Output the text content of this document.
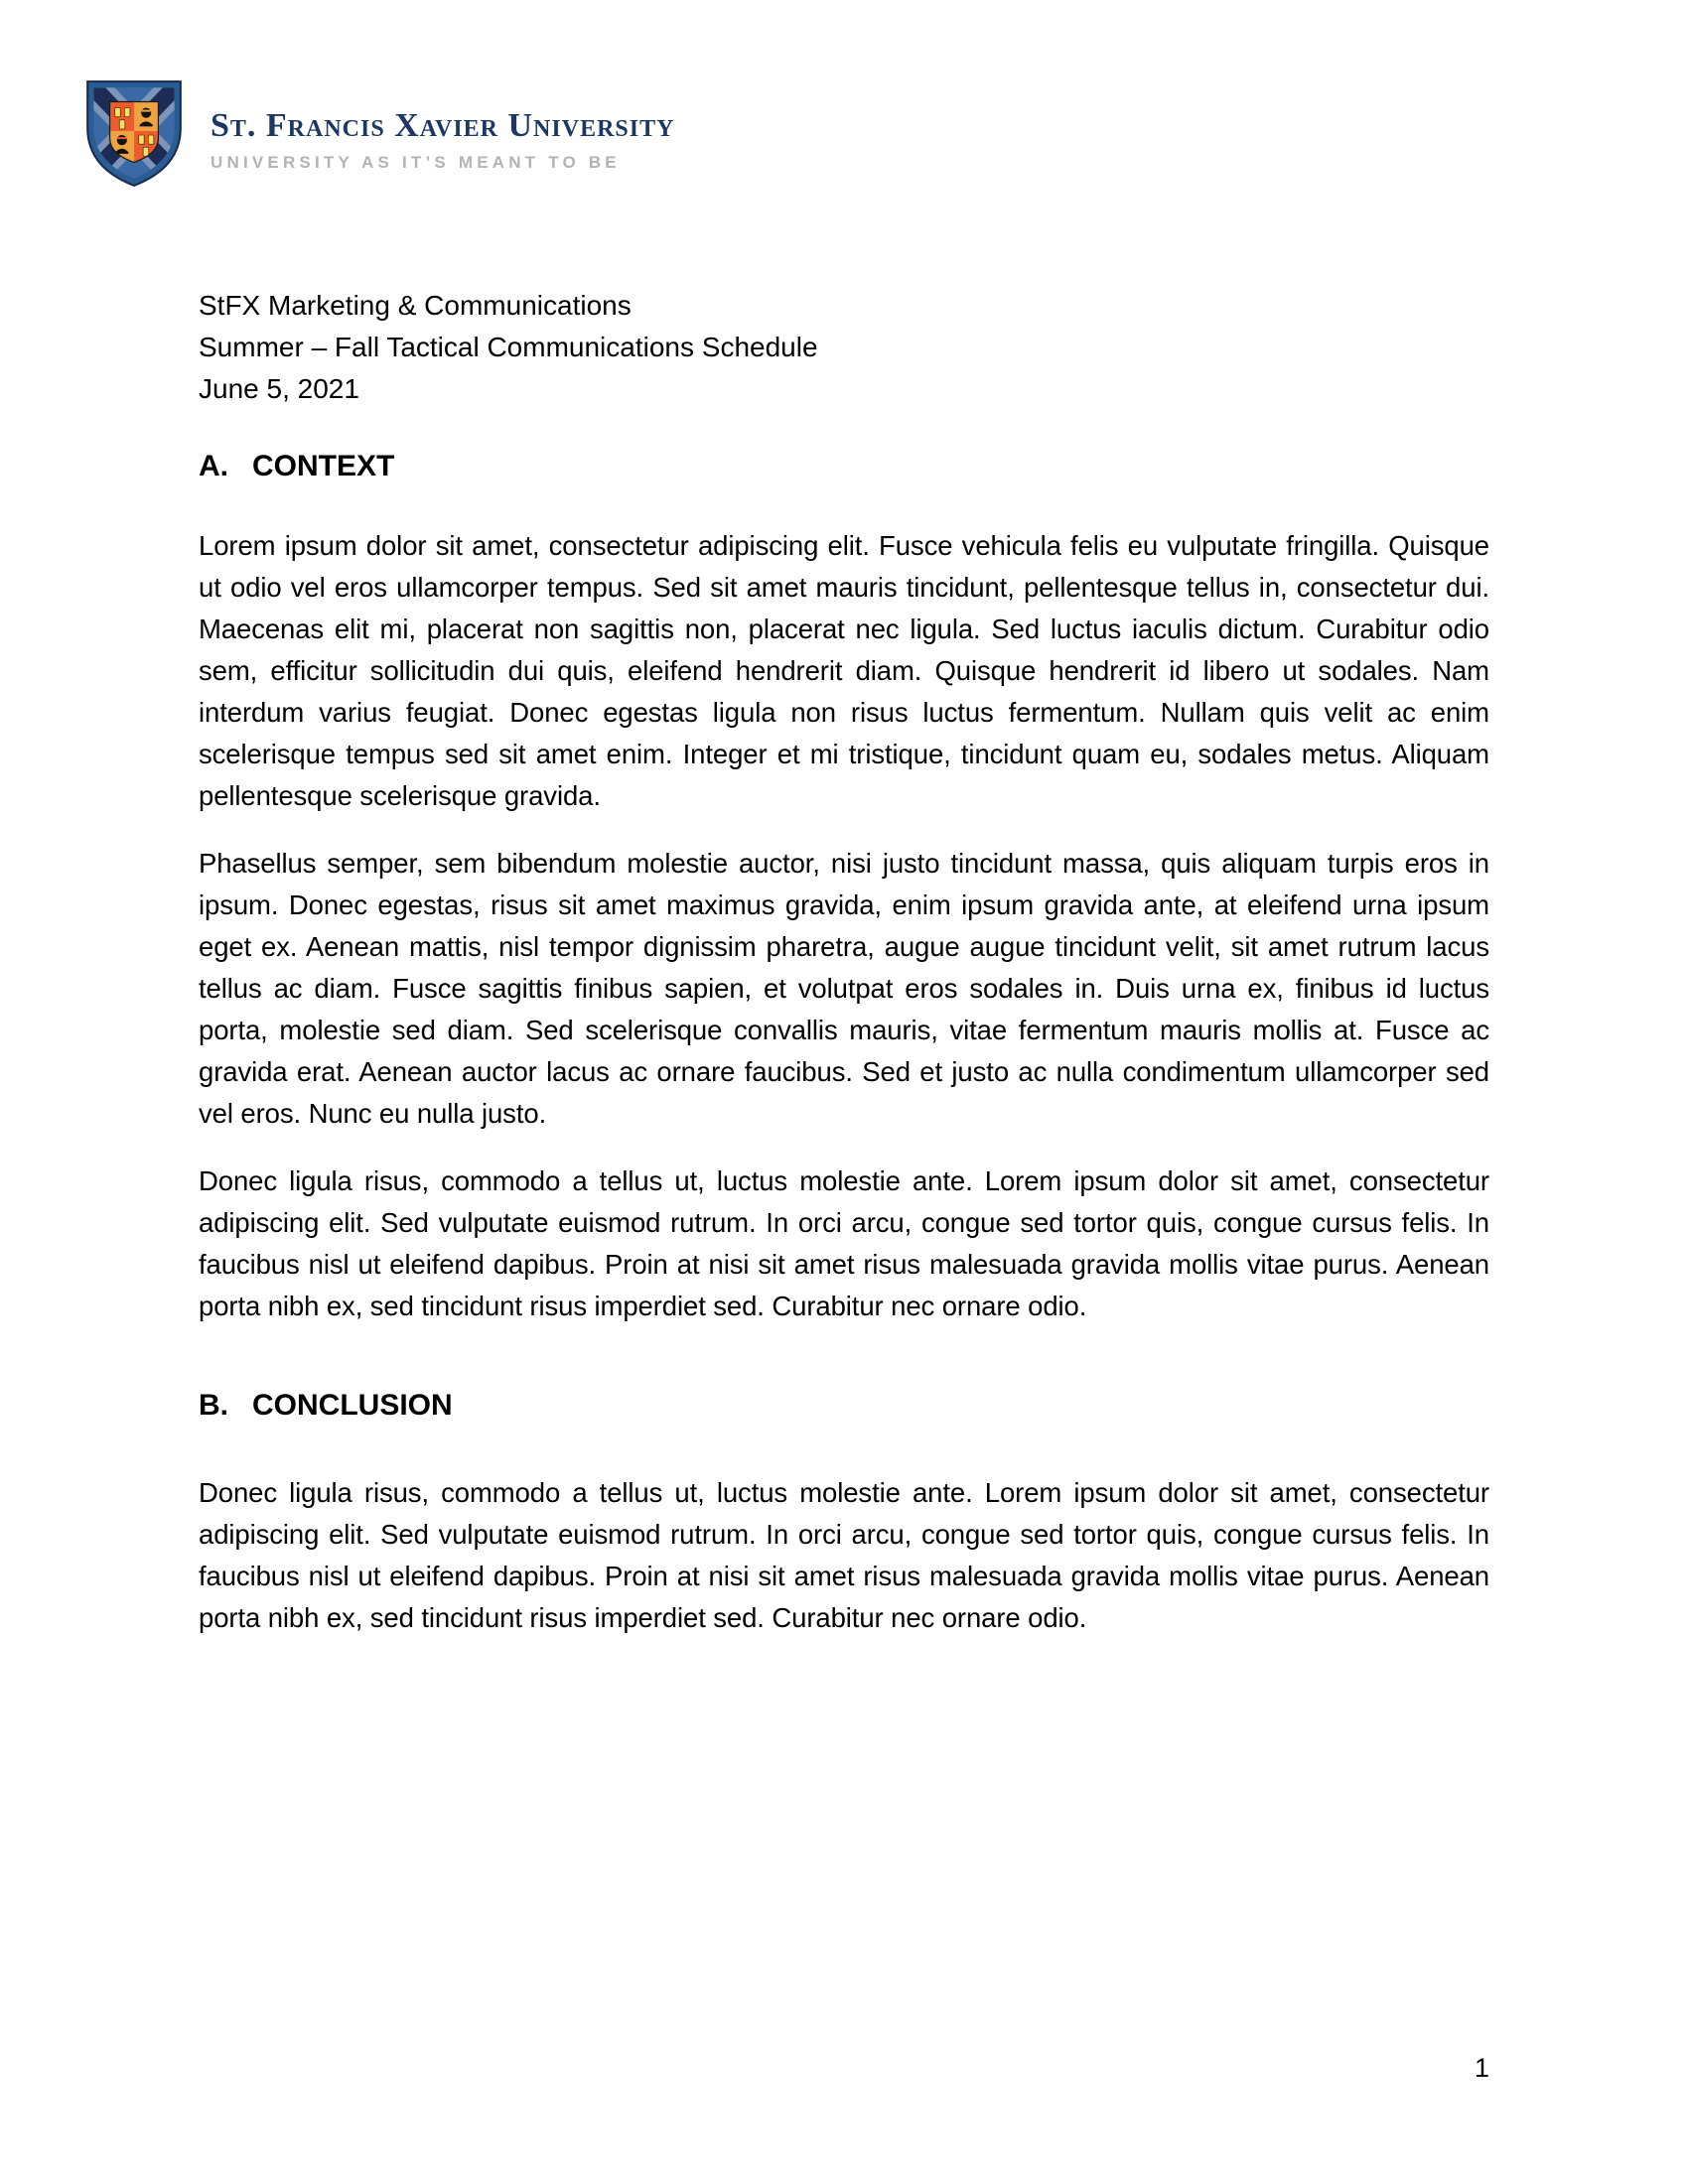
St. Francis Xavier University
UNIVERSITY AS IT’S MEANT TO BE
StFX Marketing & Communications
Summer – Fall Tactical Communications Schedule
June 5, 2021
A. CONTEXT

Lorem ipsum dolor sit amet, consectetur adipiscing elit. Fusce vehicula felis eu vulputate fringilla. Quisque ut odio vel eros ullamcorper tempus. Sed sit amet mauris tincidunt, pellentesque tellus in, consectetur dui. Maecenas elit mi, placerat non sagittis non, placerat nec ligula. Sed luctus iaculis dictum. Curabitur odio sem, efficitur sollicitudin dui quis, eleifend hendrerit diam. Quisque hendrerit id libero ut sodales. Nam interdum varius feugiat. Donec egestas ligula non risus luctus fermentum. Nullam quis velit ac enim scelerisque tempus sed sit amet enim. Integer et mi tristique, tincidunt quam eu, sodales metus. Aliquam pellentesque scelerisque gravida.

Phasellus semper, sem bibendum molestie auctor, nisi justo tincidunt massa, quis aliquam turpis eros in ipsum. Donec egestas, risus sit amet maximus gravida, enim ipsum gravida ante, at eleifend urna ipsum eget ex. Aenean mattis, nisl tempor dignissim pharetra, augue augue tincidunt velit, sit amet rutrum lacus tellus ac diam. Fusce sagittis finibus sapien, et volutpat eros sodales in. Duis urna ex, finibus id luctus porta, molestie sed diam. Sed scelerisque convallis mauris, vitae fermentum mauris mollis at. Fusce ac gravida erat. Aenean auctor lacus ac ornare faucibus. Sed et justo ac nulla condimentum ullamcorper sed vel eros. Nunc eu nulla justo.

Donec ligula risus, commodo a tellus ut, luctus molestie ante. Lorem ipsum dolor sit amet, consectetur adipiscing elit. Sed vulputate euismod rutrum. In orci arcu, congue sed tortor quis, congue cursus felis. In faucibus nisl ut eleifend dapibus. Proin at nisi sit amet risus malesuada gravida mollis vitae purus. Aenean porta nibh ex, sed tincidunt risus imperdiet sed. Curabitur nec ornare odio.

B. CONCLUSION

Donec ligula risus, commodo a tellus ut, luctus molestie ante. Lorem ipsum dolor sit amet, consectetur adipiscing elit. Sed vulputate euismod rutrum. In orci arcu, congue sed tortor quis, congue cursus felis. In faucibus nisl ut eleifend dapibus. Proin at nisi sit amet risus malesuada gravida mollis vitae purus. Aenean porta nibh ex, sed tincidunt risus imperdiet sed. Curabitur nec ornare odio.

1
